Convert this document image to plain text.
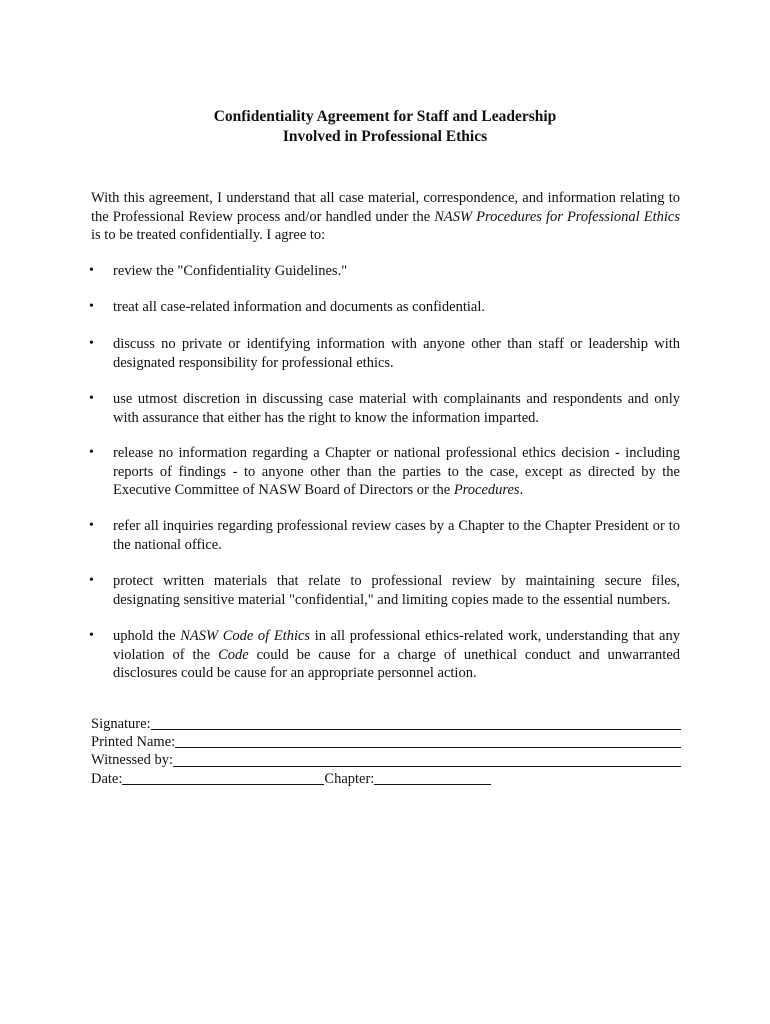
Confidentiality Agreement for Staff and Leadership
Involved in Professional Ethics

With this agreement, I understand that all case material, correspondence, and information relating to the Professional Review process and/or handled under the NASW Procedures for Professional Ethics is to be treated confidentially. I agree to:

• review the "Confidentiality Guidelines."
• treat all case-related information and documents as confidential.
• discuss no private or identifying information with anyone other than staff or leadership with designated responsibility for professional ethics.
• use utmost discretion in discussing case material with complainants and respondents and only with assurance that either has the right to know the information imparted.
• release no information regarding a Chapter or national professional ethics decision - including reports of findings - to anyone other than the parties to the case, except as directed by the Executive Committee of NASW Board of Directors or the Procedures.
• refer all inquiries regarding professional review cases by a Chapter to the Chapter President or to the national office.
• protect written materials that relate to professional review by maintaining secure files, designating sensitive material "confidential," and limiting copies made to the essential numbers.
• uphold the NASW Code of Ethics in all professional ethics-related work, understanding that any violation of the Code could be cause for a charge of unethical conduct and unwarranted disclosures could be cause for an appropriate personnel action.
Signature:
Printed Name:
Witnessed by:
Date:	Chapter:
